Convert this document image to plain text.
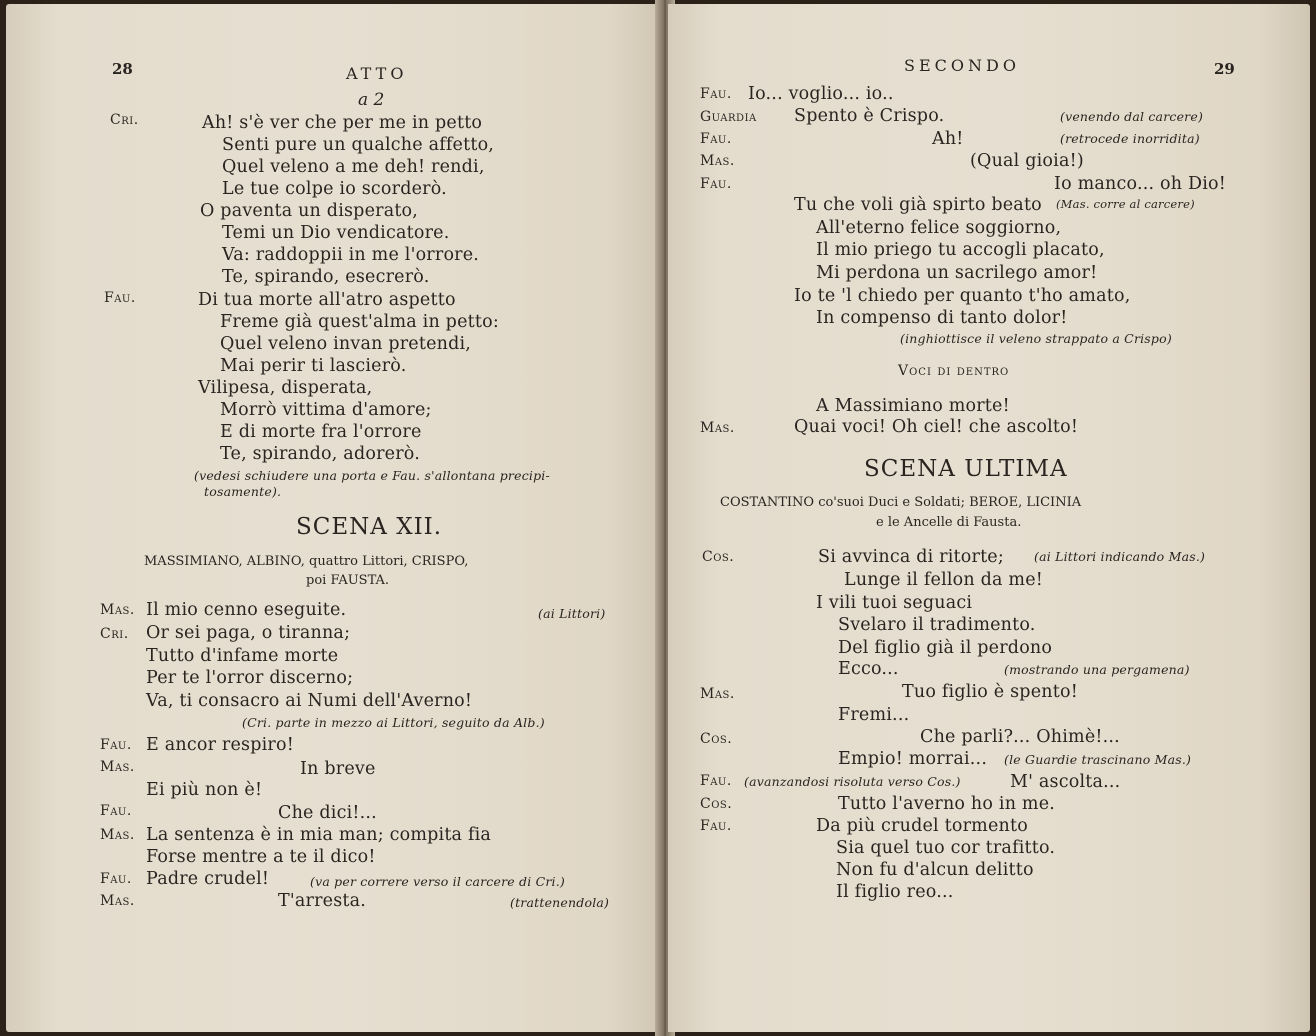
28	ATTO
a 2
Cri.	Ah! s'è ver che per me in petto
Senti pure un qualche affetto,
Quel veleno a me deh! rendi,
Le tue colpe io scorderò.
O paventa un disperato,
Temi un Dio vendicatore.
Va: raddoppii in me l'orrore.
Te, spirando, esecrerò.
Fau.	Di tua morte all'atro aspetto
Freme già quest'alma in petto:
Quel veleno invan pretendi,
Mai perir ti lascierò.
Vilipesa, disperata,
Morrò vittima d'amore;
E di morte fra l'orrore
Te, spirando, adorerò.
(vedesi schiudere una porta e Fau. s'allontana precipi-
tosamente).
SCENA XII.
MASSIMIANO, ALBINO, quattro Littori, CRISPO,
poi FAUSTA.
Mas. Il mio cenno eseguite.	(ai Littori)
Cri. Or sei paga, o tiranna;
Tutto d'infame morte
Per te l'orror discerno;
Va, ti consacro ai Numi dell'Averno!
(Cri. parte in mezzo ai Littori, seguito da Alb.)
Fau. E ancor respiro!
Mas.	In breve
Ei più non è!
Fau.	Che dici!...
Mas. La sentenza è in mia man; compita fia
Forse mentre a te il dico!
Fau. Padre crudel!	(va per correre verso il carcere di Cri.)
Mas.	T'arresta.	(trattenendola)
SECONDO	29
Fau. Io... voglio... io..
Guardia Spento è Crispo.	(venendo dal carcere)
Fau.	Ah!	(retrocede inorridita)
Mas.	(Qual gioia!)
Fau.	Io manco... oh Dio!
Tu che voli già spirto beato (Mas. corre al carcere)
All'eterno felice soggiorno,
Il mio priego tu accogli placato,
Mi perdona un sacrilego amor!
Io te 'l chiedo per quanto t'ho amato,
In compenso di tanto dolor!
(inghiottisce il veleno strappato a Crispo)
Voci di dentro
A Massimiano morte!
Mas.	Quai voci! Oh ciel! che ascolto!
SCENA ULTIMA
COSTANTINO co'suoi Duci e Soldati; BEROE, LICINIA
e le Ancelle di Fausta.
Cos.	Si avvinca di ritorte; (ai Littori indicando Mas.)
Lunge il fellon da me!
I vili tuoi seguaci
Svelaro il tradimento.
Del figlio già il perdono
Ecco...	(mostrando una pergamena)
Mas.	Tuo figlio è spento!
Fremi...
Cos.	Che parli?... Ohimè!...
Empio! morrai... (le Guardie trascinano Mas.)
Fau. (avanzandosi risoluta verso Cos.)	M' ascolta...
Cos.	Tutto l'averno ho in me.
Fau.	Da più crudel tormento
Sia quel tuo cor trafitto.
Non fu d'alcun delitto
Il figlio reo...
